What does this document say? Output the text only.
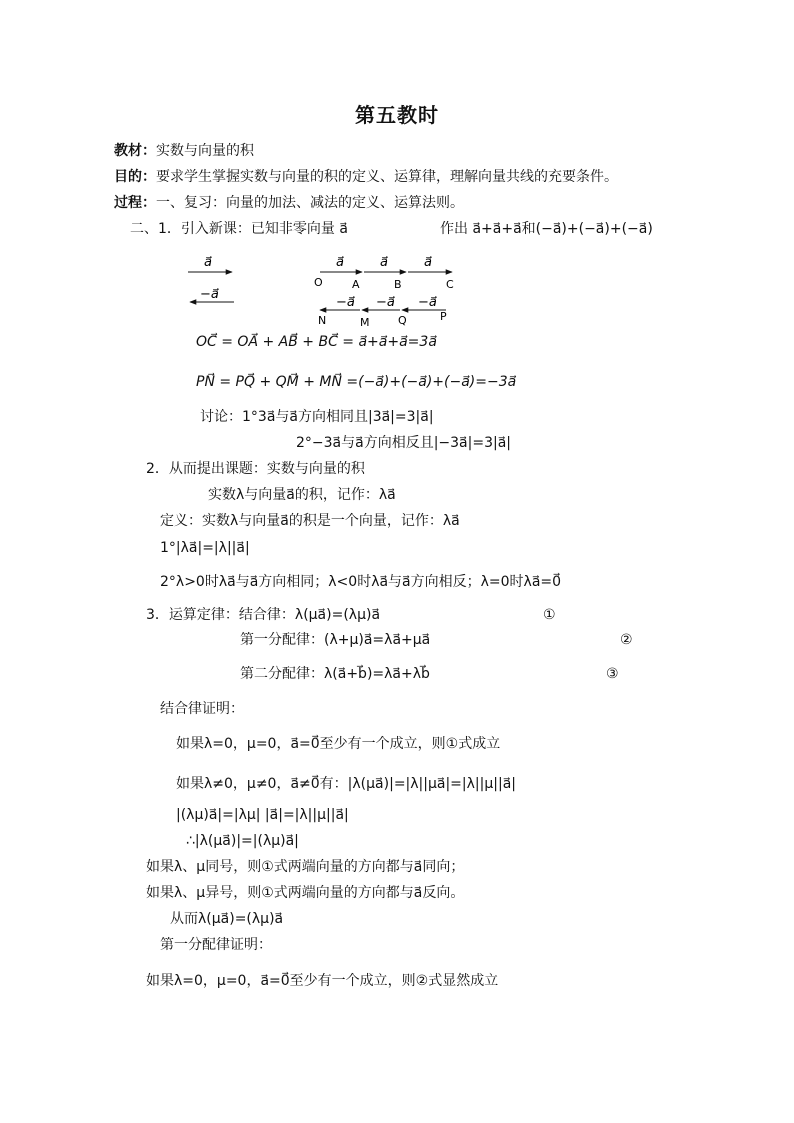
第五教时
教材：实数与向量的积
目的：要求学生掌握实数与向量的积的定义、运算律，理解向量共线的充要条件。
过程：一、复习：向量的加法、减法的定义、运算法则。
二、1．引入新课：已知非零向量 a⃗	作出 a⃗+a⃗+a⃗和(−a⃗)+(−a⃗)+(−a⃗)
a⃗
−a⃗
a⃗	a⃗	a⃗
O	A	B	C
−a⃗ −a⃗ −a⃗
N	M	Q	P
OC⃗ = OA⃗ + AB⃗ + BC⃗ = a⃗+a⃗+a⃗=3a⃗
PN⃗ = PQ⃗ + QM⃗ + MN⃗ =(−a⃗)+(−a⃗)+(−a⃗)=−3a⃗
讨论：1°3a⃗与a⃗方向相同且|3a⃗|=3|a⃗|
2°−3a⃗与a⃗方向相反且|−3a⃗|=3|a⃗|
2．从而提出课题：实数与向量的积
实数λ与向量a⃗的积，记作：λa⃗
定义：实数λ与向量a⃗的积是一个向量，记作：λa⃗
1°|λa⃗|=|λ||a⃗|
2°λ>0时λa⃗与a⃗方向相同；λ<0时λa⃗与a⃗方向相反；λ=0时λa⃗=0⃗
3．运算定律：结合律：λ(μa⃗)=(λμ)a⃗	①
第一分配律：(λ+μ)a⃗=λa⃗+μa⃗	②
第二分配律：λ(a⃗+b⃗)=λa⃗+λb⃗	③
结合律证明：
如果λ=0，μ=0，a⃗=0⃗至少有一个成立，则①式成立
如果λ≠0，μ≠0，a⃗≠0⃗有：|λ(μa⃗)|=|λ||μa⃗|=|λ||μ||a⃗|
|(λμ)a⃗|=|λμ| |a⃗|=|λ||μ||a⃗|
∴|λ(μa⃗)|=|(λμ)a⃗|
如果λ、μ同号，则①式两端向量的方向都与a⃗同向；
如果λ、μ异号，则①式两端向量的方向都与a⃗反向。
从而λ(μa⃗)=(λμ)a⃗
第一分配律证明：
如果λ=0，μ=0，a⃗=0⃗至少有一个成立，则②式显然成立
